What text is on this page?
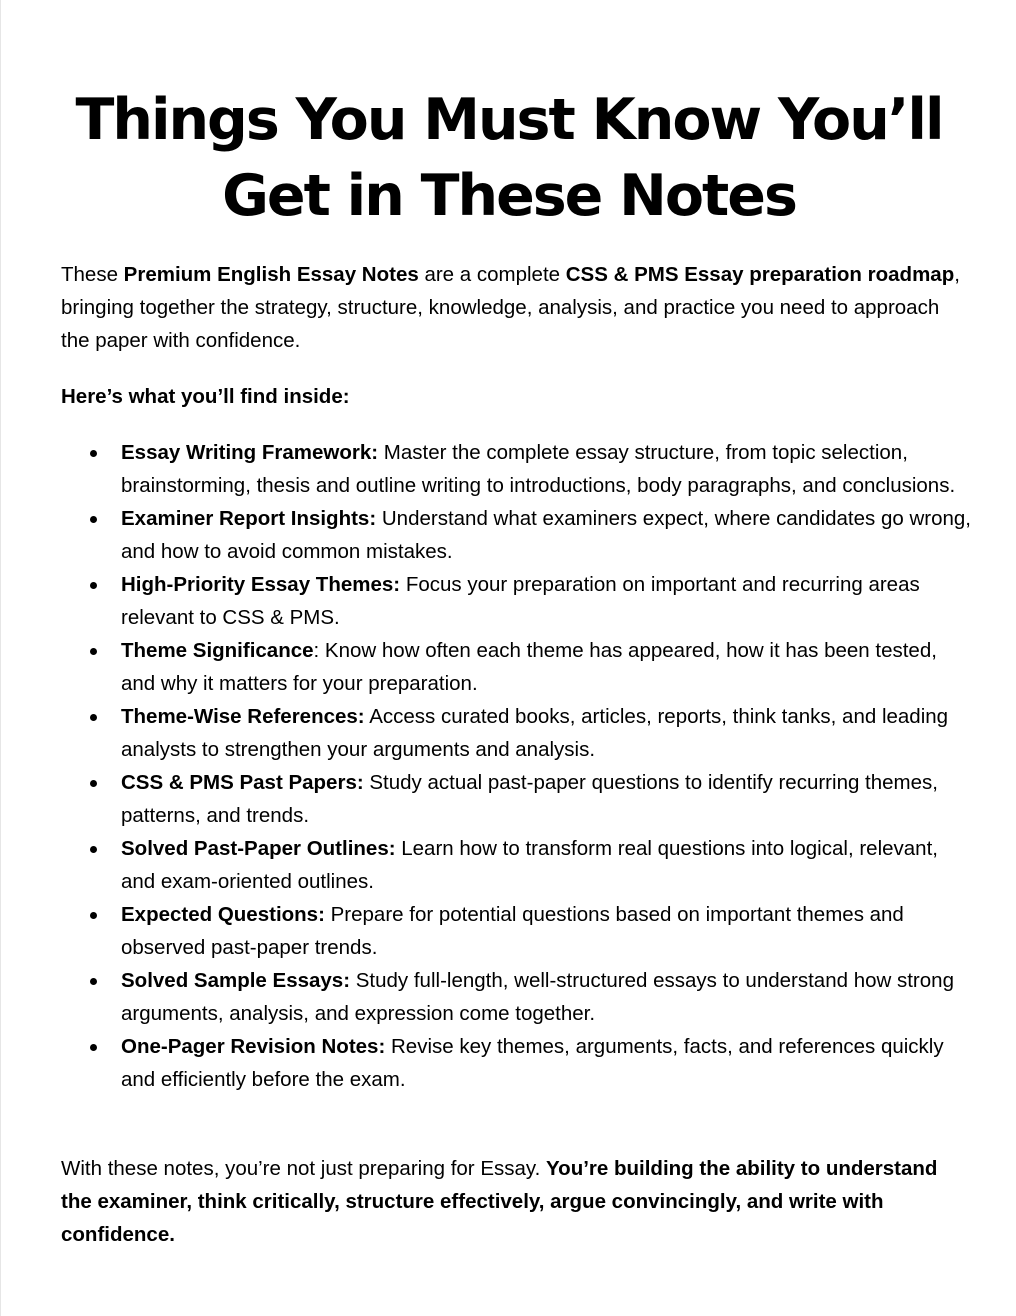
Things You Must Know You’ll Get in These Notes

These Premium English Essay Notes are a complete CSS & PMS Essay preparation roadmap, bringing together the strategy, structure, knowledge, analysis, and practice you need to approach the paper with confidence.

Here’s what you’ll find inside:

Essay Writing Framework: Master the complete essay structure, from topic selection, brainstorming, thesis and outline writing to introductions, body paragraphs, and conclusions.
Examiner Report Insights: Understand what examiners expect, where candidates go wrong, and how to avoid common mistakes.
High-Priority Essay Themes: Focus your preparation on important and recurring areas relevant to CSS & PMS.
Theme Significance: Know how often each theme has appeared, how it has been tested, and why it matters for your preparation.
Theme-Wise References: Access curated books, articles, reports, think tanks, and leading analysts to strengthen your arguments and analysis.
CSS & PMS Past Papers: Study actual past-paper questions to identify recurring themes, patterns, and trends.
Solved Past-Paper Outlines: Learn how to transform real questions into logical, relevant, and exam-oriented outlines.
Expected Questions: Prepare for potential questions based on important themes and observed past-paper trends.
Solved Sample Essays: Study full-length, well-structured essays to understand how strong arguments, analysis, and expression come together.
One-Pager Revision Notes: Revise key themes, arguments, facts, and references quickly and efficiently before the exam.

With these notes, you’re not just preparing for Essay. You’re building the ability to understand the examiner, think critically, structure effectively, argue convincingly, and write with confidence.
